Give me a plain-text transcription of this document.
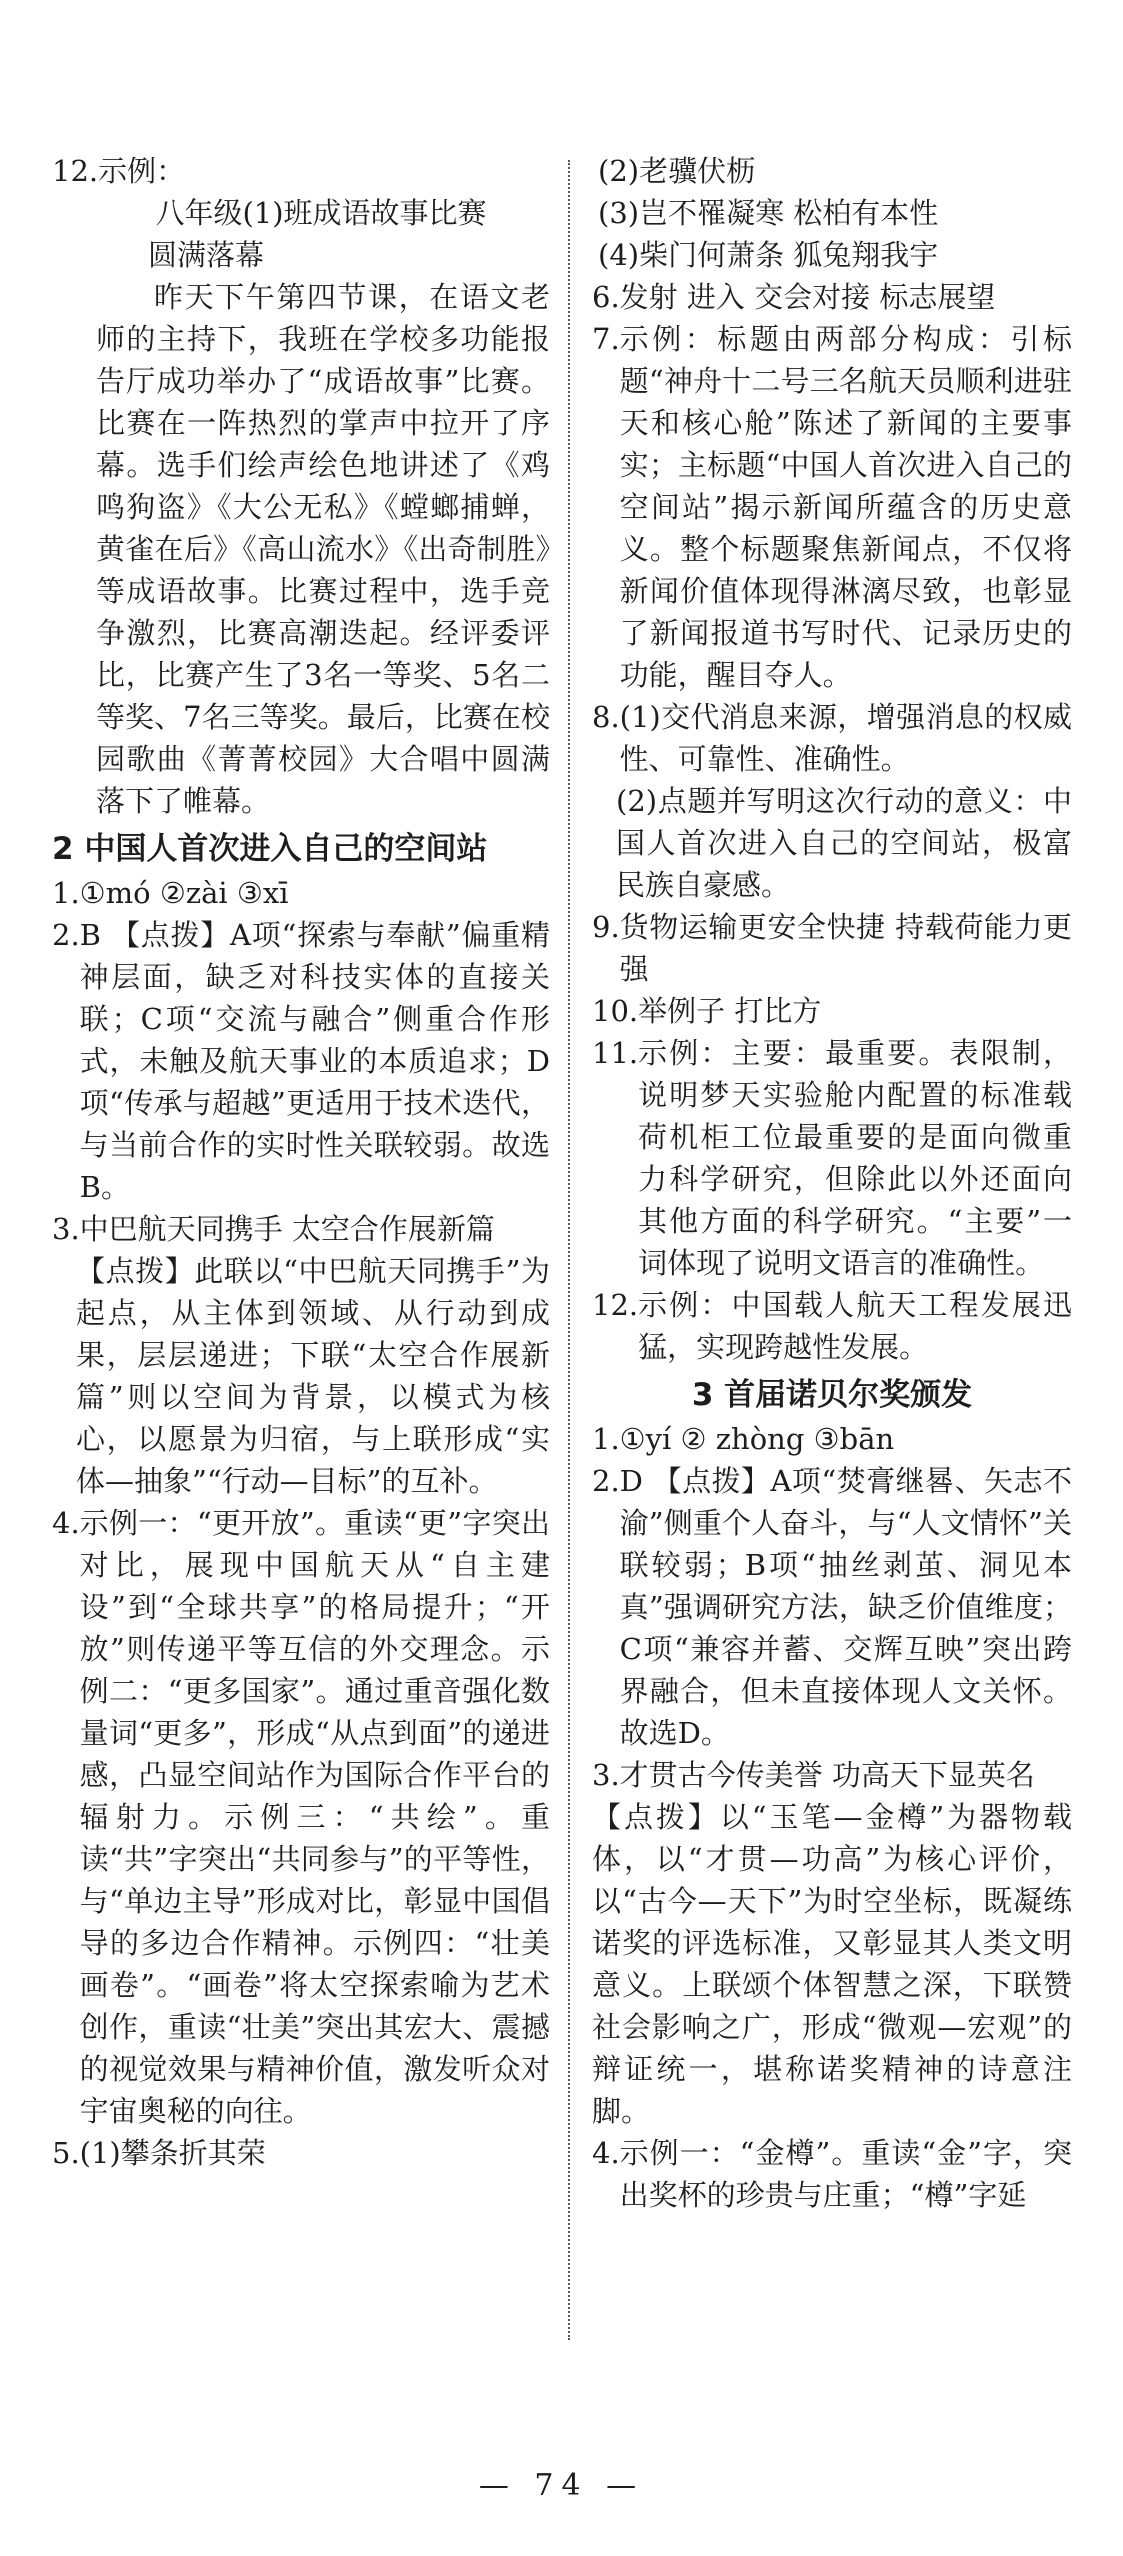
12. 示例：
八年级(1)班成语故事比赛
圆满落幕
昨天下午第四节课，在语文老师的主持下，我班在学校多功能报告厅成功举办了“成语故事”比赛。比赛在一阵热烈的掌声中拉开了序幕。选手们绘声绘色地讲述了《鸡鸣狗盗》《大公无私》《螳螂捕蝉，黄雀在后》《高山流水》《出奇制胜》等成语故事。比赛过程中，选手竞争激烈，比赛高潮迭起。经评委评比，比赛产生了3名一等奖、5名二等奖、7名三等奖。最后，比赛在校园歌曲《菁菁校园》大合唱中圆满落下了帷幕。
2 中国人首次进入自己的空间站
1. ①mó ②zài ③xī
2. B 【点拨】A项“探索与奉献”偏重精神层面，缺乏对科技实体的直接关联；C项“交流与融合”侧重合作形式，未触及航天事业的本质追求；D项“传承与超越”更适用于技术迭代，与当前合作的实时性关联较弱。故选B。
3. 中巴航天同携手 太空合作展新篇
【点拨】此联以“中巴航天同携手”为起点，从主体到领域、从行动到成果，层层递进；下联“太空合作展新篇”则以空间为背景，以模式为核心，以愿景为归宿，与上联形成“实体—抽象”“行动—目标”的互补。
4. 示例一：“更开放”。重读“更”字突出对比，展现中国航天从“自主建设”到“全球共享”的格局提升；“开放”则传递平等互信的外交理念。示例二：“更多国家”。通过重音强化数量词“更多”，形成“从点到面”的递进感，凸显空间站作为国际合作平台的辐射力。示例三：“共绘”。重读“共”字突出“共同参与”的平等性，与“单边主导”形成对比，彰显中国倡导的多边合作精神。示例四：“壮美画卷”。“画卷”将太空探索喻为艺术创作，重读“壮美”突出其宏大、震撼的视觉效果与精神价值，激发听众对宇宙奥秘的向往。
5. (1)攀条折其荣
(2)老骥伏枥
(3)岂不罹凝寒 松柏有本性
(4)柴门何萧条 狐兔翔我宇
6. 发射 进入 交会对接 标志展望
7. 示例：标题由两部分构成：引标题“神舟十二号三名航天员顺利进驻天和核心舱”陈述了新闻的主要事实；主标题“中国人首次进入自己的空间站”揭示新闻所蕴含的历史意义。整个标题聚焦新闻点，不仅将新闻价值体现得淋漓尽致，也彰显了新闻报道书写时代、记录历史的功能，醒目夺人。
8. (1)交代消息来源，增强消息的权威性、可靠性、准确性。
(2)点题并写明这次行动的意义：中国人首次进入自己的空间站，极富民族自豪感。
9. 货物运输更安全快捷 持载荷能力更强
10. 举例子 打比方
11. 示例：主要：最重要。表限制，说明梦天实验舱内配置的标准载荷机柜工位最重要的是面向微重力科学研究，但除此以外还面向其他方面的科学研究。“主要”一词体现了说明文语言的准确性。
12. 示例：中国载人航天工程发展迅猛，实现跨越性发展。
3 首届诺贝尔奖颁发
1. ①yí ② zhòng ③bān
2. D 【点拨】A项“焚膏继晷、矢志不渝”侧重个人奋斗，与“人文情怀”关联较弱；B项“抽丝剥茧、洞见本真”强调研究方法，缺乏价值维度；C项“兼容并蓄、交辉互映”突出跨界融合，但未直接体现人文关怀。故选D。
3. 才贯古今传美誉 功高天下显英名
【点拨】以“玉笔—金樽”为器物载体，以“才贯—功高”为核心评价，以“古今—天下”为时空坐标，既凝练诺奖的评选标准，又彰显其人类文明意义。上联颂个体智慧之深，下联赞社会影响之广，形成“微观—宏观”的辩证统一，堪称诺奖精神的诗意注脚。
4. 示例一：“金樽”。重读“金”字，突出奖杯的珍贵与庄重；“樽”字延
— 74 —
